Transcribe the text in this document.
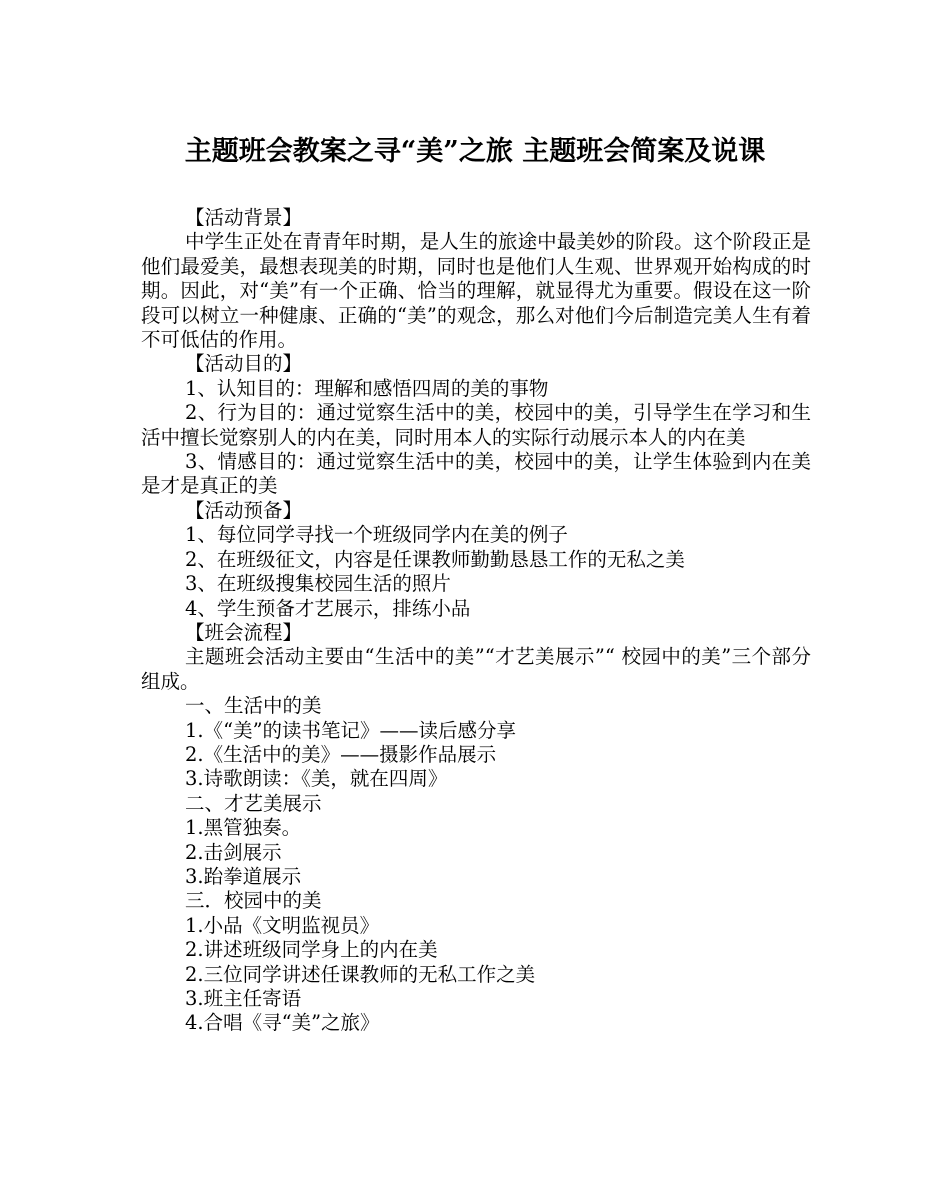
主题班会教案之寻“美”之旅 主题班会简案及说课

【活动背景】

中学生正处在青青年时期，是人生的旅途中最美妙的阶段。这个阶段正是他们最爱美，最想表现美的时期，同时也是他们人生观、世界观开始构成的时期。因此，对“美”有一个正确、恰当的理解，就显得尤为重要。假设在这一阶段可以树立一种健康、正确的“美”的观念，那么对他们今后制造完美人生有着不可低估的作用。

【活动目的】

1、认知目的：理解和感悟四周的美的事物

2、行为目的：通过觉察生活中的美，校园中的美，引导学生在学习和生活中擅长觉察别人的内在美，同时用本人的实际行动展示本人的内在美

3、情感目的：通过觉察生活中的美，校园中的美，让学生体验到内在美是才是真正的美

【活动预备】

1、每位同学寻找一个班级同学内在美的例子

2、在班级征文，内容是任课教师勤勤恳恳工作的无私之美

3、在班级搜集校园生活的照片

4、学生预备才艺展示，排练小品

【班会流程】

主题班会活动主要由“生活中的美”“才艺美展示”“ 校园中的美”三个部分组成。

一、生活中的美

1.《“美”的读书笔记》——读后感分享

2.《生活中的美》——摄影作品展示

3.诗歌朗读：《美，就在四周》

二、才艺美展示

1.黑管独奏。

2.击剑展示

3.跆拳道展示

三．校园中的美

1.小品《文明监视员》

2.讲述班级同学身上的内在美

2.三位同学讲述任课教师的无私工作之美

3.班主任寄语

4.合唱《寻“美”之旅》
